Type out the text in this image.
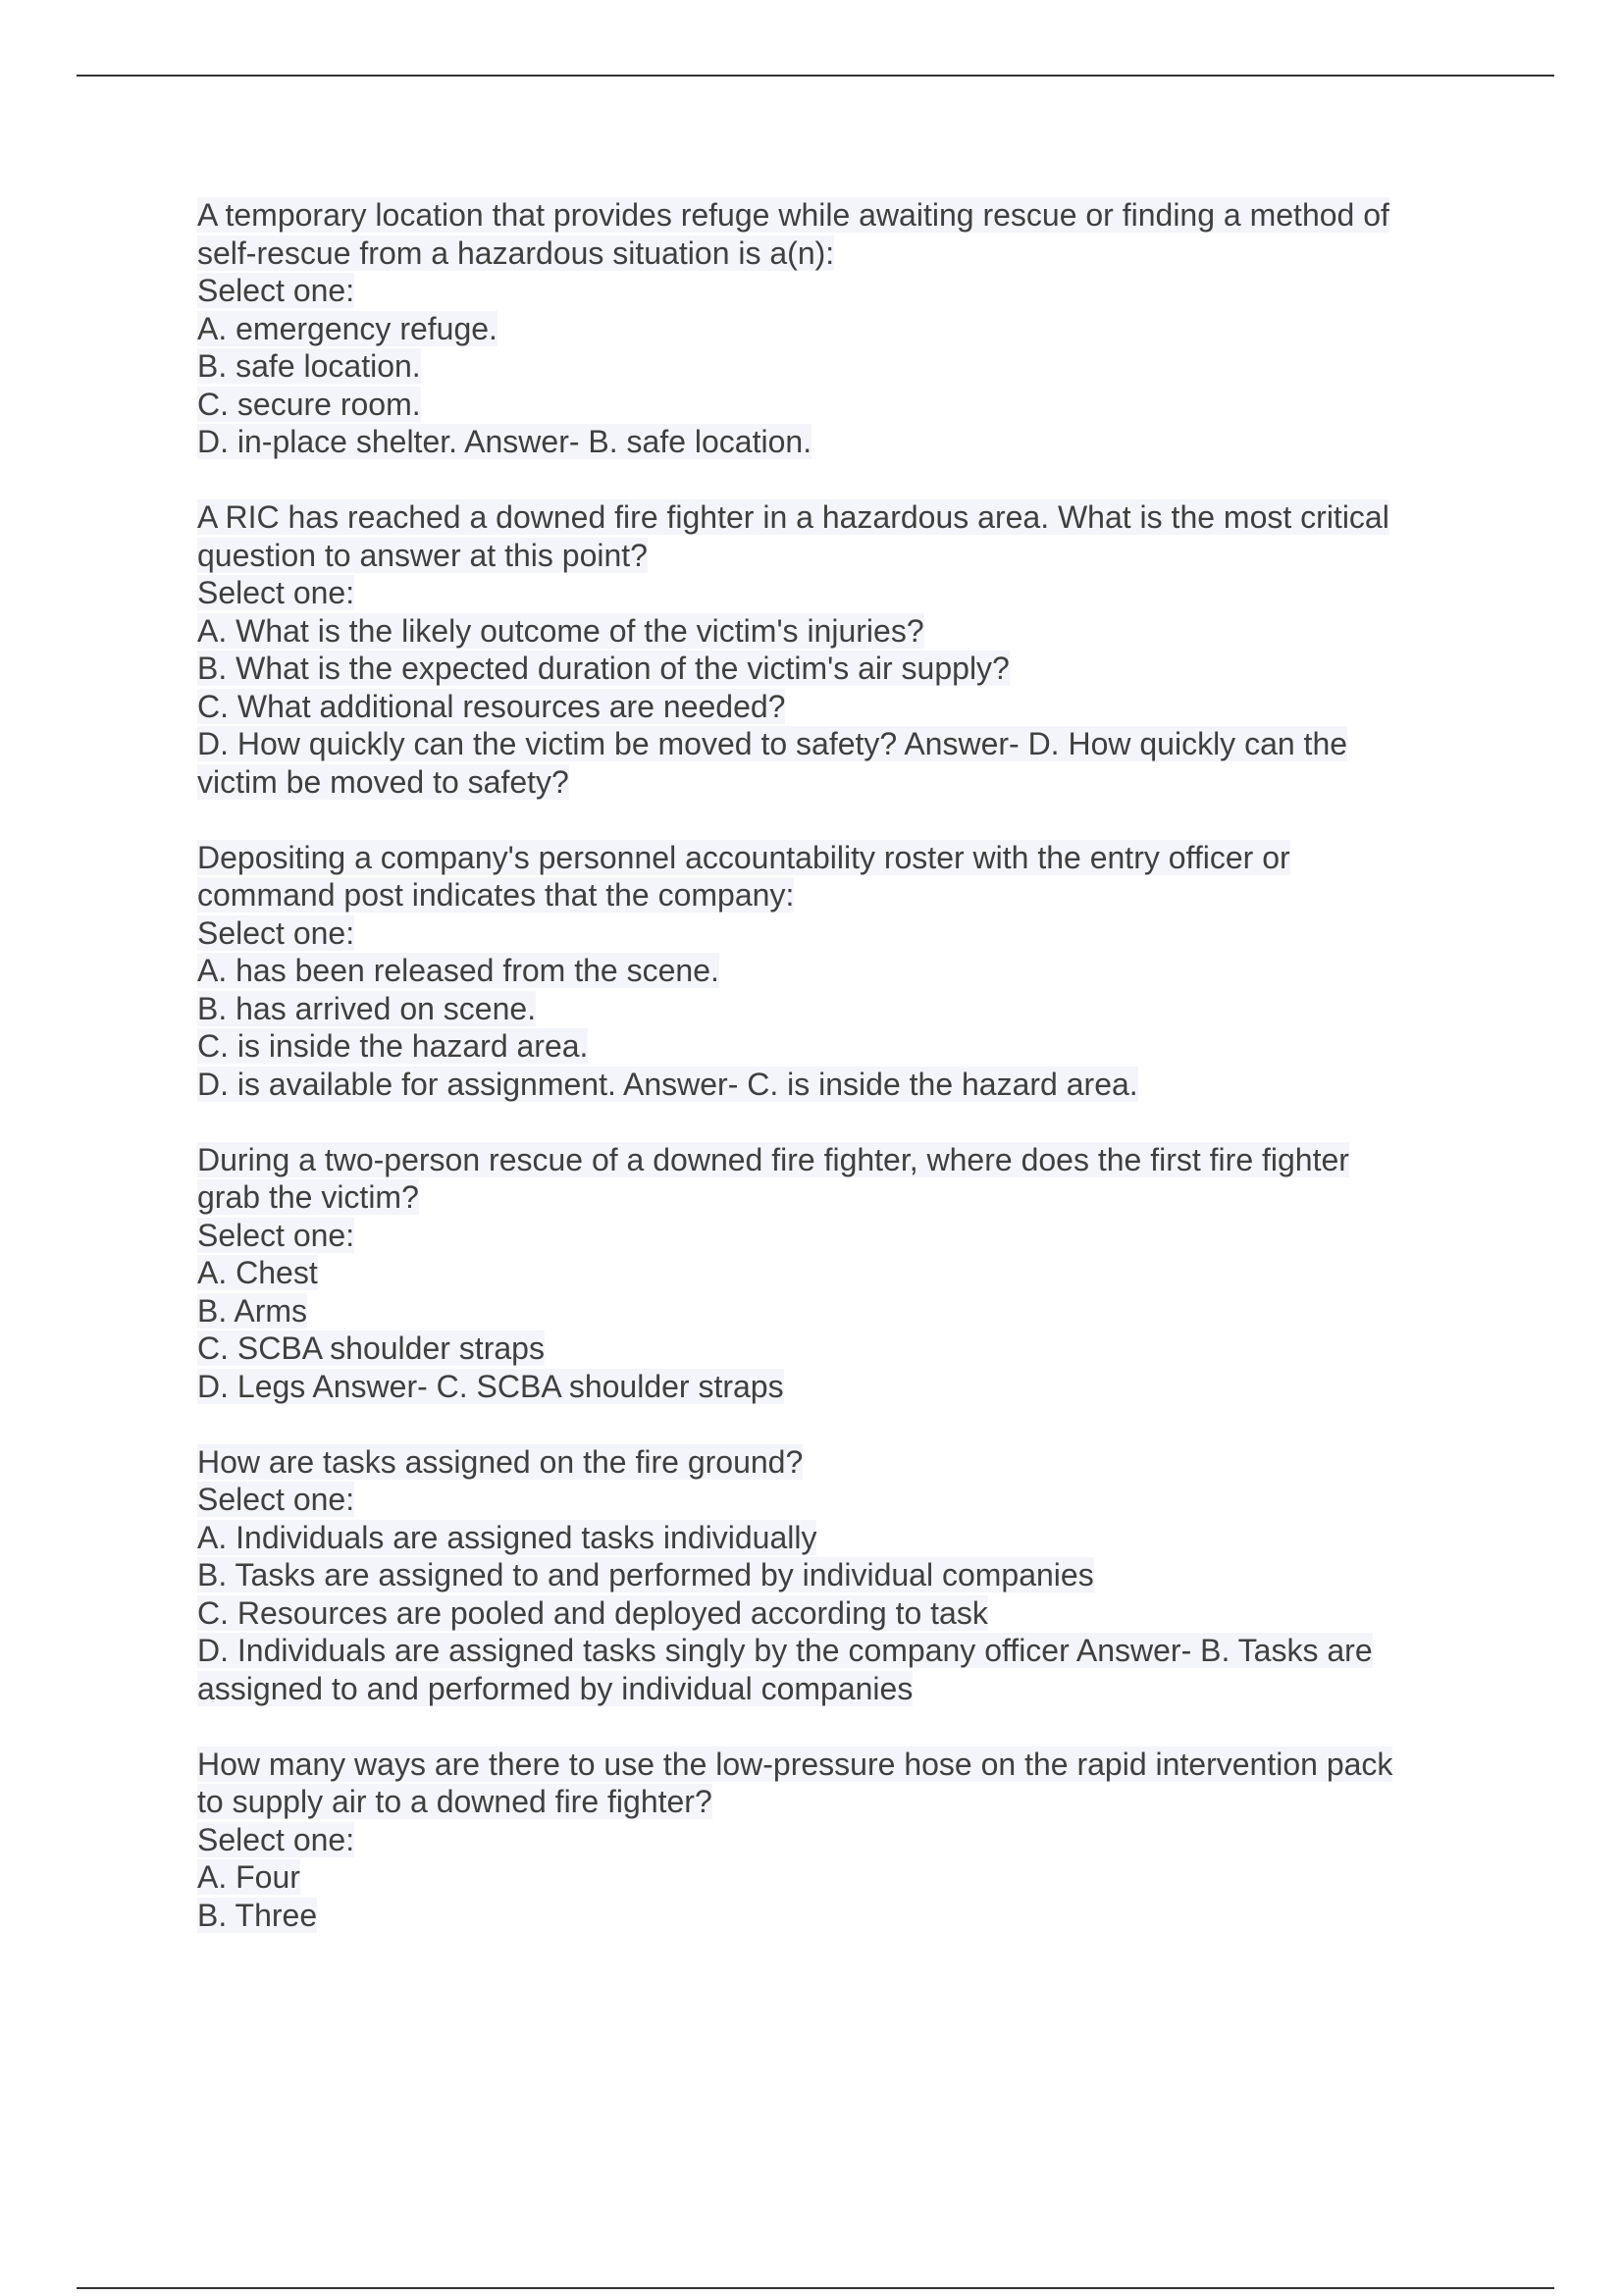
A temporary location that provides refuge while awaiting rescue or finding a method of
self-rescue from a hazardous situation is a(n):
Select one:
A. emergency refuge.
B. safe location.
C. secure room.
D. in-place shelter. Answer- B. safe location.
A RIC has reached a downed fire fighter in a hazardous area. What is the most critical
question to answer at this point?
Select one:
A. What is the likely outcome of the victim's injuries?
B. What is the expected duration of the victim's air supply?
C. What additional resources are needed?
D. How quickly can the victim be moved to safety? Answer- D. How quickly can the
victim be moved to safety?
Depositing a company's personnel accountability roster with the entry officer or
command post indicates that the company:
Select one:
A. has been released from the scene.
B. has arrived on scene.
C. is inside the hazard area.
D. is available for assignment. Answer- C. is inside the hazard area.
During a two-person rescue of a downed fire fighter, where does the first fire fighter
grab the victim?
Select one:
A. Chest
B. Arms
C. SCBA shoulder straps
D. Legs Answer- C. SCBA shoulder straps
How are tasks assigned on the fire ground?
Select one:
A. Individuals are assigned tasks individually
B. Tasks are assigned to and performed by individual companies
C. Resources are pooled and deployed according to task
D. Individuals are assigned tasks singly by the company officer Answer- B. Tasks are
assigned to and performed by individual companies
How many ways are there to use the low-pressure hose on the rapid intervention pack
to supply air to a downed fire fighter?
Select one:
A. Four
B. Three
